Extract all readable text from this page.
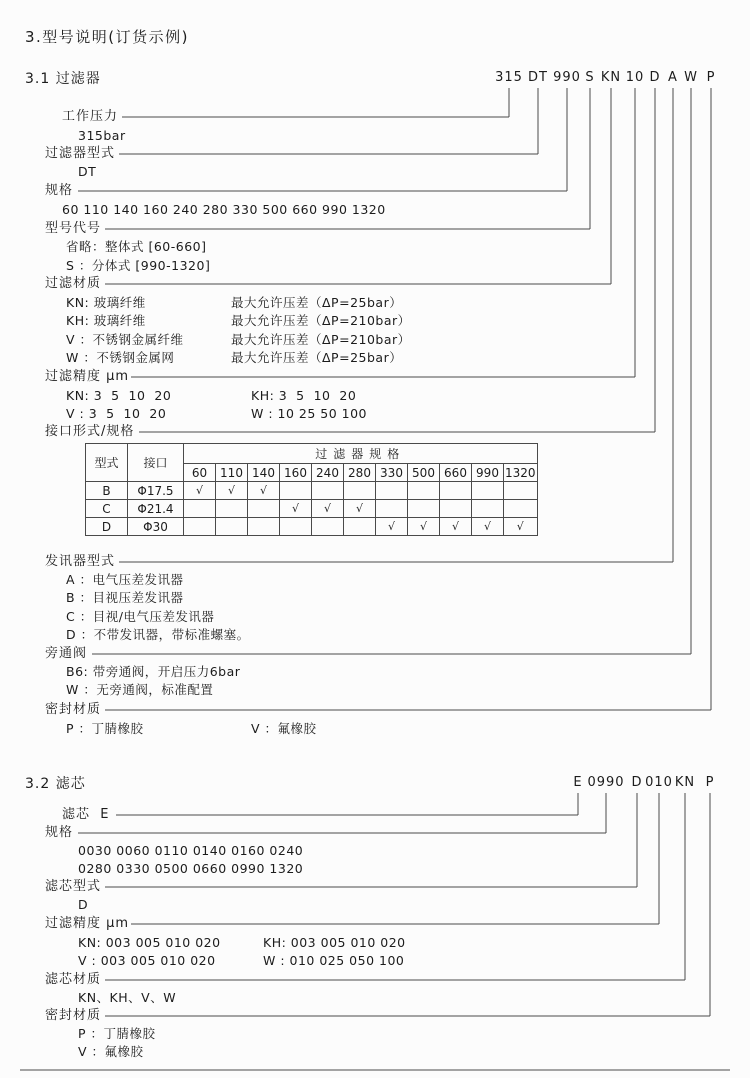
3.型号说明(订货示例)
3.1 过滤器	315 DT 990 S KN 10 D A W P
工作压力
315bar
过滤器型式
DT
规格
60 110 140 160 240 280 330 500 660 990 1320
型号代号
省略：整体式 [60-660]
S ：分体式 [990-1320]
过滤材质
KN: 玻璃纤维	最大允许压差（ΔP=25bar）
KH: 玻璃纤维	最大允许压差（ΔP=210bar）
V ：不锈钢金属纤维	最大允许压差（ΔP=210bar）
W ：不锈钢金属网	最大允许压差（ΔP=25bar）
过滤精度 μm
KN: 3  5  10  20	KH: 3  5  10  20
V : 3  5  10  20	W : 10 25 50 100
接口形式/规格
型式	接口	过滤器规格										
		60	110	140	160	240	280	330	500	660	990	1320
B	Φ17.5	√	√	√								
C	Φ21.4				√	√	√					
D	Φ30							√	√	√	√	√
发讯器型式
A ：电气压差发讯器
B ：目视压差发讯器
C ：目视/电气压差发讯器
D ：不带发讯器，带标准螺塞。
旁通阀
B6: 带旁通阀，开启压力6bar
W ：无旁通阀，标准配置
密封材质
P ：丁腈橡胶	V ：氟橡胶
3.2 滤芯	E 0990 D 010 KN P
滤芯  E
规格
0030 0060 0110 0140 0160 0240
0280 0330 0500 0660 0990 1320
滤芯型式
D
过滤精度 μm
KN: 003 005 010 020	KH: 003 005 010 020
V : 003 005 010 020	W : 010 025 050 100
滤芯材质
KN、KH、V、W
密封材质
P ：丁腈橡胶
V ：氟橡胶
